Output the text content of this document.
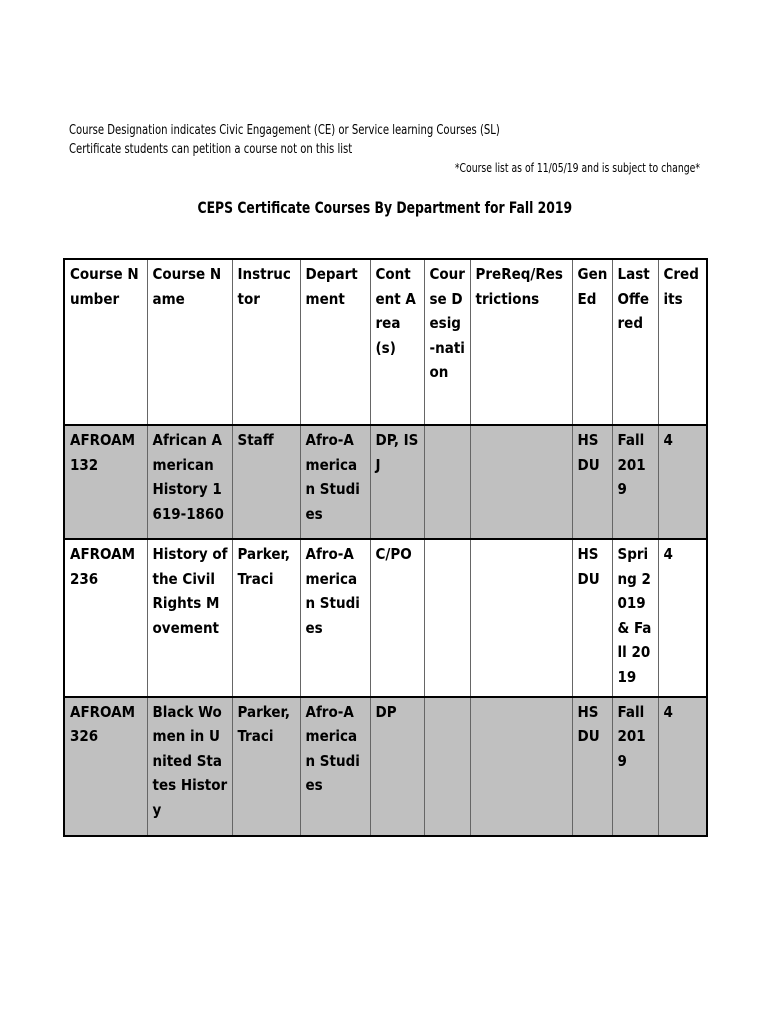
Course Designation indicates Civic Engagement (CE) or Service learning Courses (SL)
Certificate students can petition a course not on this list
*Course list as of 11/05/19 and is subject to change*
CEPS Certificate Courses By Department for Fall 2019
Course Number	Course Name	Instructor	Department	Content Area(s)	Course Desig-nation	PreReq/Restrictions	Gen Ed	Last Offered	Credits
AFROAM 132	African American History 1619-1860	Staff	Afro-American Studies	DP, ISJ			HS DU	Fall 2019	4
AFROAM 236	History of the Civil Rights Movement	Parker, Traci	Afro-American Studies	C/PO			HS DU	Spring 2019 & Fall 2019	4
AFROAM 326	Black Women in United States History	Parker, Traci	Afro-American Studies	DP			HS DU	Fall 2019	4
